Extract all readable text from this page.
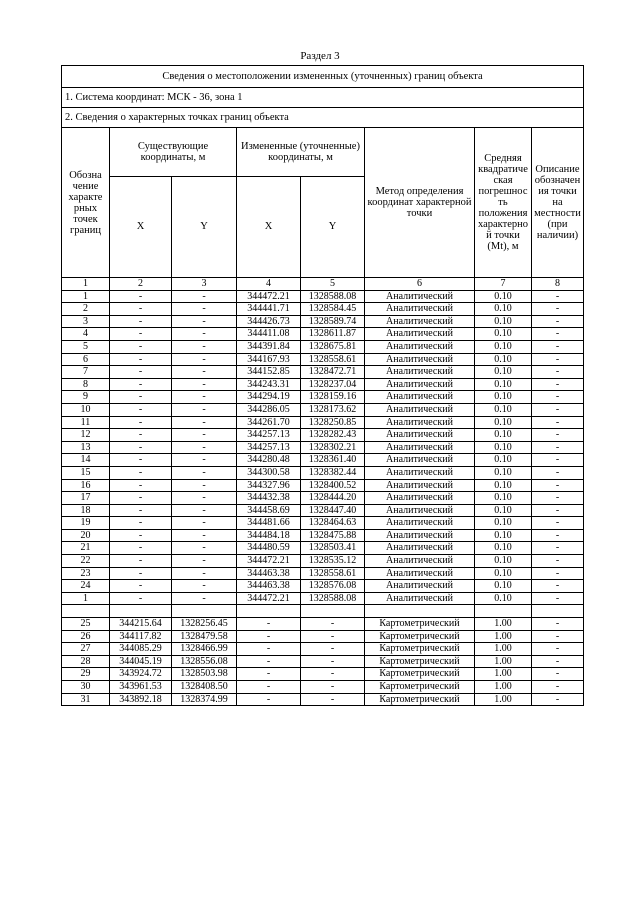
Раздел 3
Сведения о местоположении измененных (уточненных) границ объекта							
1. Система координат: МСК - 36, зона 1							
2. Сведения о характерных точках границ объекта							
Обозна чение характе рных точек границ	Существующие координаты, м		Измененные (уточненные) координаты, м		Метод определения координат характерной точки	Средняя квадратиче ская погрешнос ть положения характерно й точки (Mt), м	Описание обозначен ия точки на местности (при наличии)
	X	Y	X	Y			
1	2	3	4	5	6	7	8
1	-	-	344472.21	1328588.08	Аналитический	0.10	-
2	-	-	344441.71	1328584.45	Аналитический	0.10	-
3	-	-	344426.73	1328589.74	Аналитический	0.10	-
4	-	-	344411.08	1328611.87	Аналитический	0.10	-
5	-	-	344391.84	1328675.81	Аналитический	0.10	-
6	-	-	344167.93	1328558.61	Аналитический	0.10	-
7	-	-	344152.85	1328472.71	Аналитический	0.10	-
8	-	-	344243.31	1328237.04	Аналитический	0.10	-
9	-	-	344294.19	1328159.16	Аналитический	0.10	-
10	-	-	344286.05	1328173.62	Аналитический	0.10	-
11	-	-	344261.70	1328250.85	Аналитический	0.10	-
12	-	-	344257.13	1328282.43	Аналитический	0.10	-
13	-	-	344257.13	1328302.21	Аналитический	0.10	-
14	-	-	344280.48	1328361.40	Аналитический	0.10	-
15	-	-	344300.58	1328382.44	Аналитический	0.10	-
16	-	-	344327.96	1328400.52	Аналитический	0.10	-
17	-	-	344432.38	1328444.20	Аналитический	0.10	-
18	-	-	344458.69	1328447.40	Аналитический	0.10	-
19	-	-	344481.66	1328464.63	Аналитический	0.10	-
20	-	-	344484.18	1328475.88	Аналитический	0.10	-
21	-	-	344480.59	1328503.41	Аналитический	0.10	-
22	-	-	344472.21	1328535.12	Аналитический	0.10	-
23	-	-	344463.38	1328558.61	Аналитический	0.10	-
24	-	-	344463.38	1328576.08	Аналитический	0.10	-
1	-	-	344472.21	1328588.08	Аналитический	0.10	-

25	344215.64	1328256.45	-	-	Картометрический	1.00	-
26	344117.82	1328479.58	-	-	Картометрический	1.00	-
27	344085.29	1328466.99	-	-	Картометрический	1.00	-
28	344045.19	1328556.08	-	-	Картометрический	1.00	-
29	343924.72	1328503.98	-	-	Картометрический	1.00	-
30	343961.53	1328408.50	-	-	Картометрический	1.00	-
31	343892.18	1328374.99	-	-	Картометрический	1.00	-
